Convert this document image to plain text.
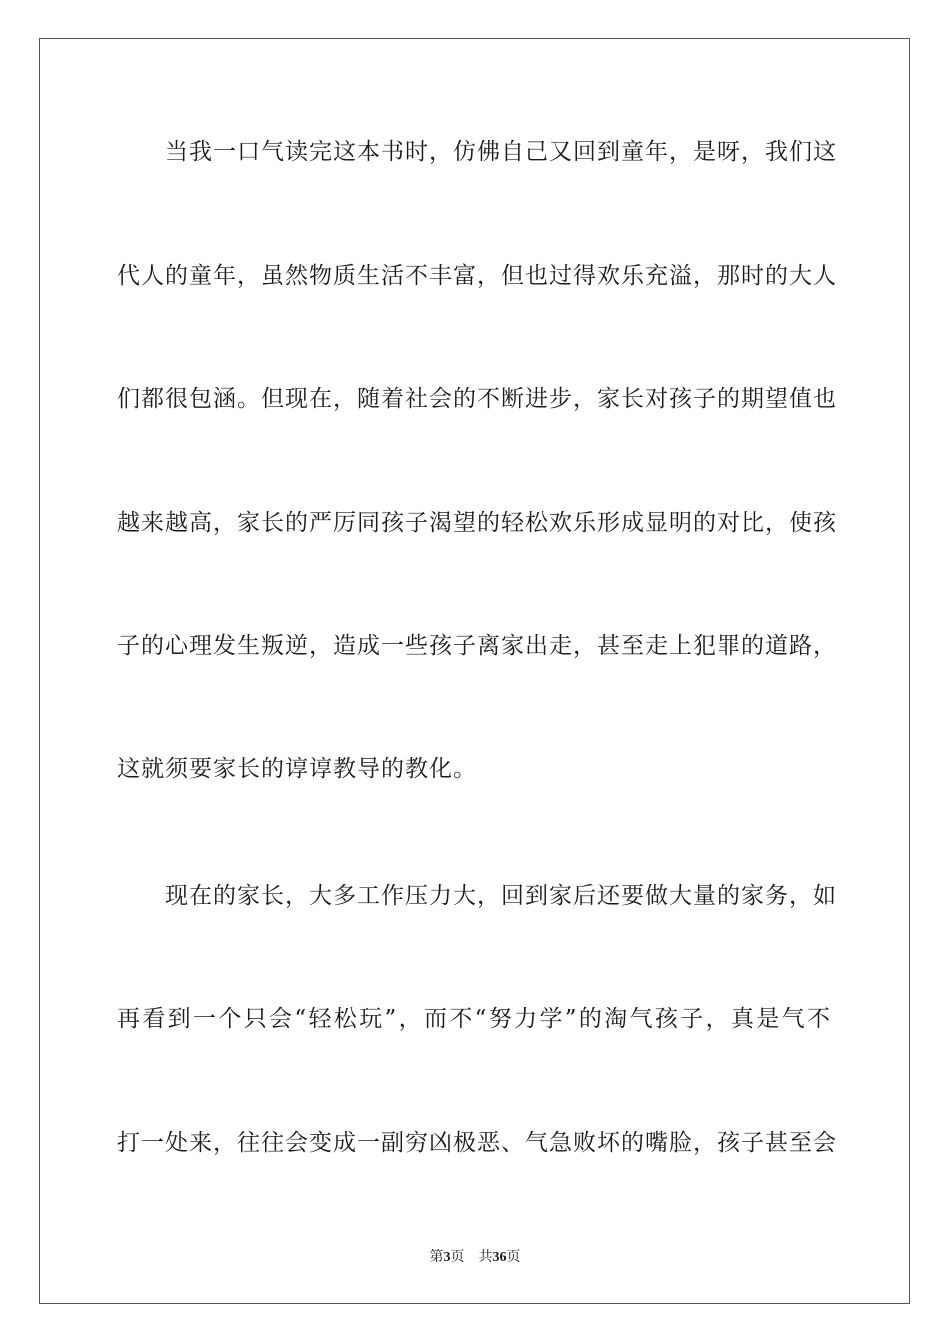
当我一口气读完这本书时，仿佛自己又回到童年，是呀，我们这
代人的童年，虽然物质生活不丰富，但也过得欢乐充溢，那时的大人
们都很包涵。但现在，随着社会的不断进步，家长对孩子的期望值也
越来越高，家长的严厉同孩子渴望的轻松欢乐形成显明的对比，使孩
子的心理发生叛逆，造成一些孩子离家出走，甚至走上犯罪的道路，
这就须要家长的谆谆教导的教化。
现在的家长，大多工作压力大，回到家后还要做大量的家务，如
再看到一个只会“轻松玩”，而不“努力学”的淘气孩子，真是气不
打一处来，往往会变成一副穷凶极恶、气急败坏的嘴脸，孩子甚至会
第3页 共36页
